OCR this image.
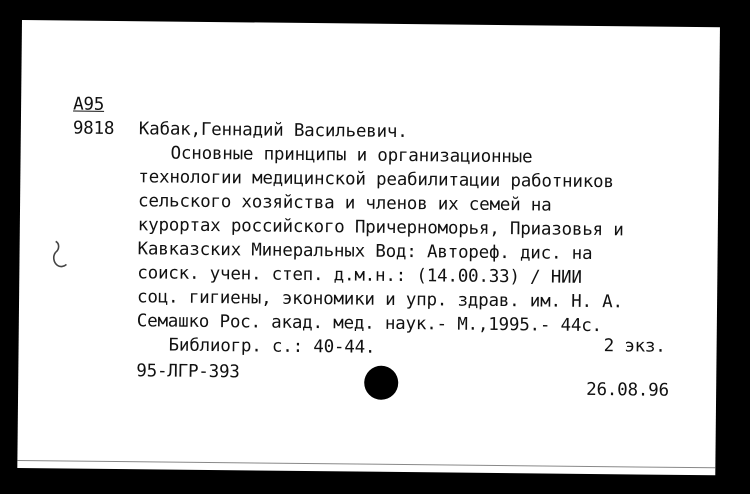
A95
9818 Кабак,Геннадий Васильевич.
Основные принципы и организационные
технологии медицинской реабилитации работников
сельского хозяйства и членов их семей на
курортах российского Причерноморья, Приазовья и
Кавказских Минеральных Вод: Автореф. дис. на
соиск. учен. степ. д.м.н.: (14.00.33) / НИИ
соц. гигиены, экономики и упр. здрав. им. Н. А.
Семашко Рос. акад. мед. наук.- М.,1995.- 44с.
Библиогр. с.: 40-44.	2 экз.
95-ЛГР-393
26.08.96
